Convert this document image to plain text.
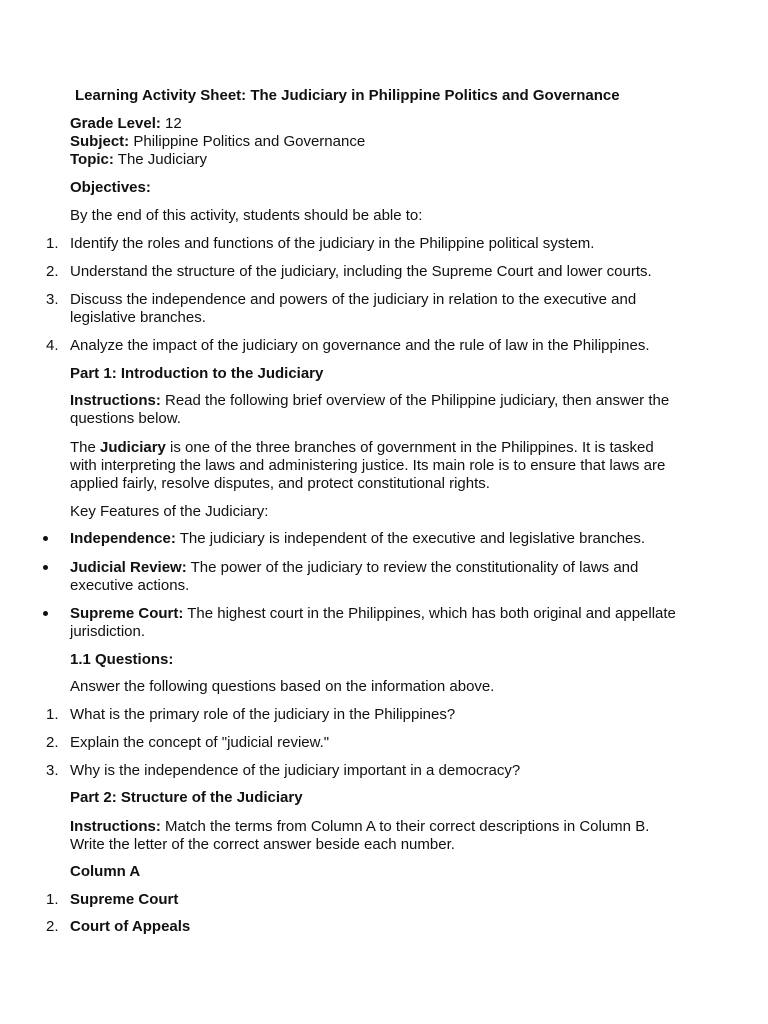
Learning Activity Sheet: The Judiciary in Philippine Politics and Governance
Grade Level: 12
Subject: Philippine Politics and Governance
Topic: The Judiciary
Objectives:
By the end of this activity, students should be able to:
1. Identify the roles and functions of the judiciary in the Philippine political system.
2. Understand the structure of the judiciary, including the Supreme Court and lower courts.
3. Discuss the independence and powers of the judiciary in relation to the executive and
legislative branches.
4. Analyze the impact of the judiciary on governance and the rule of law in the Philippines.
Part 1: Introduction to the Judiciary
Instructions: Read the following brief overview of the Philippine judiciary, then answer the
questions below.
The Judiciary is one of the three branches of government in the Philippines. It is tasked
with interpreting the laws and administering justice. Its main role is to ensure that laws are
applied fairly, resolve disputes, and protect constitutional rights.
Key Features of the Judiciary:
Independence: The judiciary is independent of the executive and legislative branches.
Judicial Review: The power of the judiciary to review the constitutionality of laws and
executive actions.
Supreme Court: The highest court in the Philippines, which has both original and appellate
jurisdiction.
1.1 Questions:
Answer the following questions based on the information above.
1. What is the primary role of the judiciary in the Philippines?
2. Explain the concept of "judicial review."
3. Why is the independence of the judiciary important in a democracy?
Part 2: Structure of the Judiciary
Instructions: Match the terms from Column A to their correct descriptions in Column B.
Write the letter of the correct answer beside each number.
Column A
1. Supreme Court
2. Court of Appeals
